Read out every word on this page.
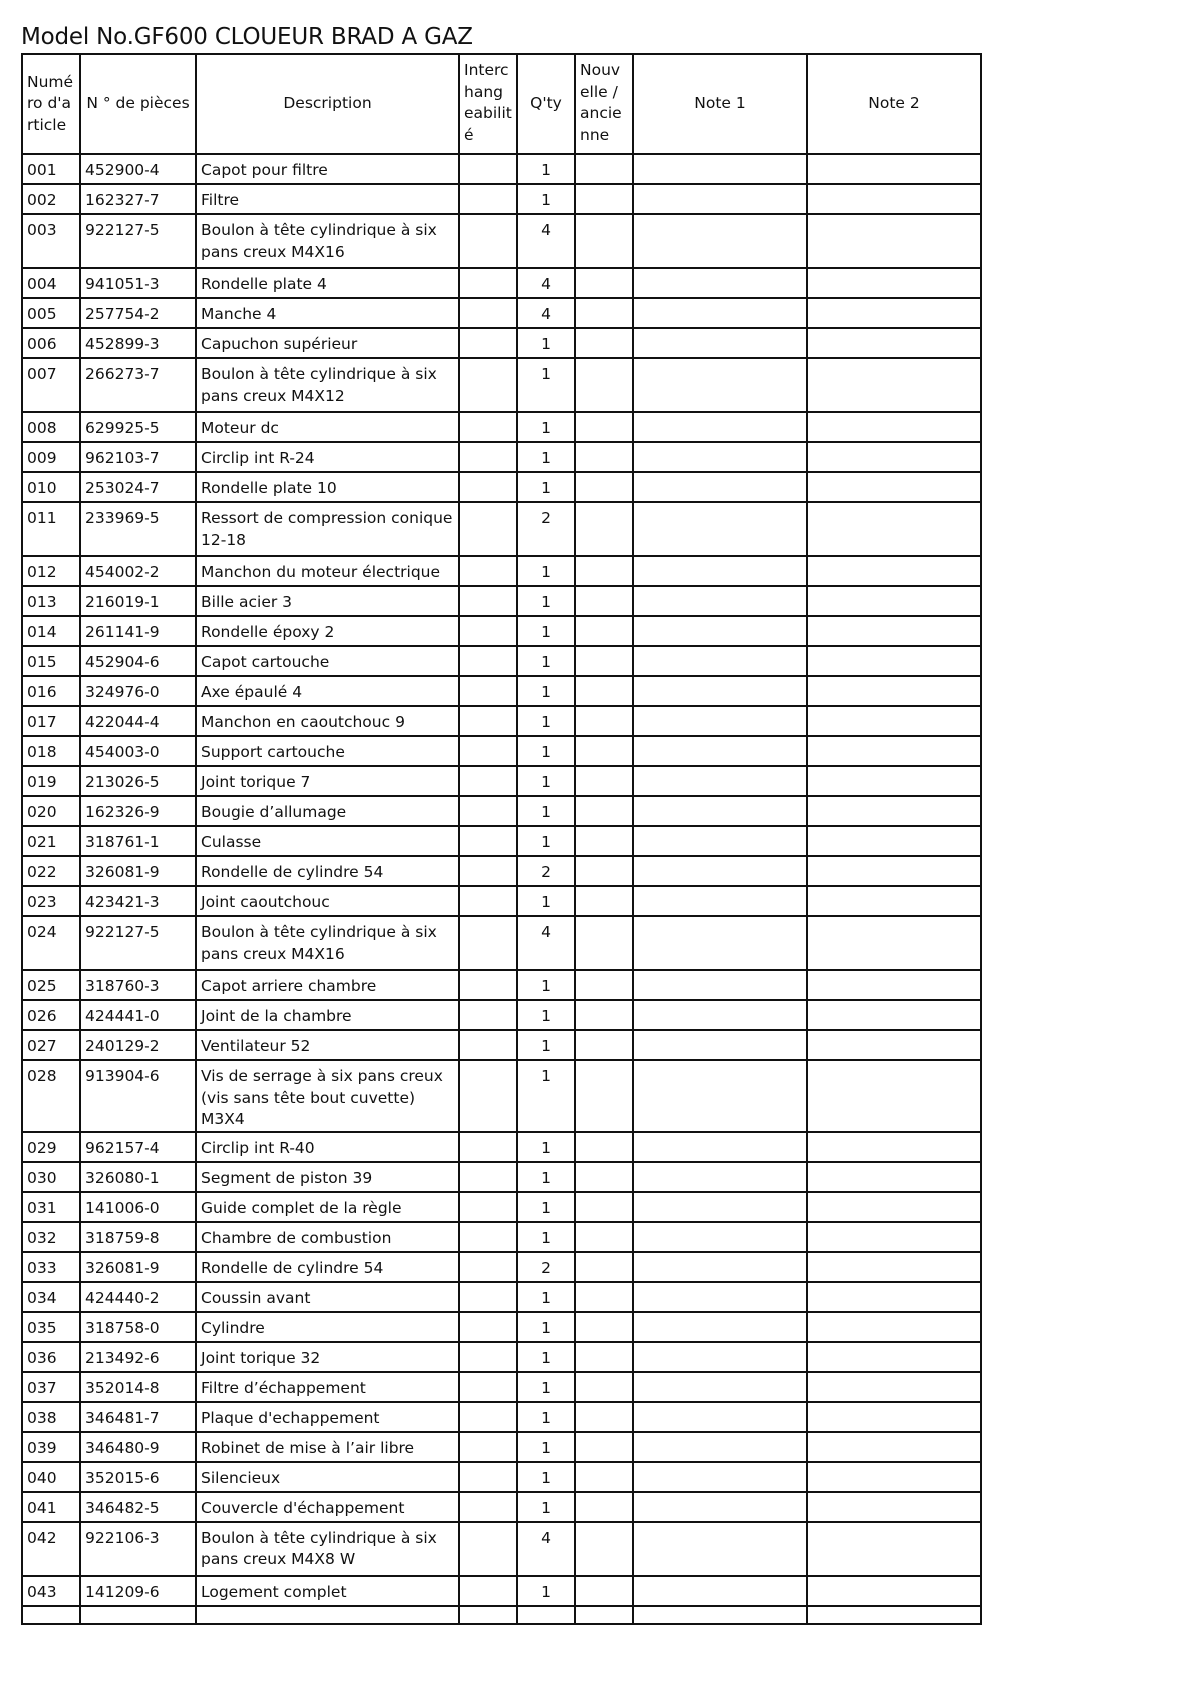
Model No.GF600 CLOUEUR BRAD A GAZ
Numé ro d'a rticle	N ° de pièces	Description	Interc hang eabilit é	Q'ty	Nouv elle / ancie nne	Note 1	Note 2
001	452900-4	Capot pour filtre		1			
002	162327-7	Filtre		1			
003	922127-5	Boulon à tête cylindrique à six pans creux M4X16		4			
004	941051-3	Rondelle plate 4		4			
005	257754-2	Manche 4		4			
006	452899-3	Capuchon supérieur		1			
007	266273-7	Boulon à tête cylindrique à six pans creux M4X12		1			
008	629925-5	Moteur dc		1			
009	962103-7	Circlip int R-24		1			
010	253024-7	Rondelle plate 10		1			
011	233969-5	Ressort de compression conique 12-18		2			
012	454002-2	Manchon du moteur électrique		1			
013	216019-1	Bille acier 3		1			
014	261141-9	Rondelle époxy 2		1			
015	452904-6	Capot cartouche		1			
016	324976-0	Axe épaulé 4		1			
017	422044-4	Manchon en caoutchouc 9		1			
018	454003-0	Support cartouche		1			
019	213026-5	Joint torique 7		1			
020	162326-9	Bougie d’allumage		1			
021	318761-1	Culasse		1			
022	326081-9	Rondelle de cylindre 54		2			
023	423421-3	Joint caoutchouc		1			
024	922127-5	Boulon à tête cylindrique à six pans creux M4X16		4			
025	318760-3	Capot arriere chambre		1			
026	424441-0	Joint de la chambre		1			
027	240129-2	Ventilateur 52		1			
028	913904-6	Vis de serrage à six pans creux (vis sans tête bout cuvette) M3X4		1			
029	962157-4	Circlip int R-40		1			
030	326080-1	Segment de piston 39		1			
031	141006-0	Guide complet de la règle		1			
032	318759-8	Chambre de combustion		1			
033	326081-9	Rondelle de cylindre 54		2			
034	424440-2	Coussin avant		1			
035	318758-0	Cylindre		1			
036	213492-6	Joint torique 32		1			
037	352014-8	Filtre d’échappement		1			
038	346481-7	Plaque d'echappement		1			
039	346480-9	Robinet de mise à l’air libre		1			
040	352015-6	Silencieux		1			
041	346482-5	Couvercle d'échappement		1			
042	922106-3	Boulon à tête cylindrique à six pans creux M4X8 W		4			
043	141209-6	Logement complet		1			
